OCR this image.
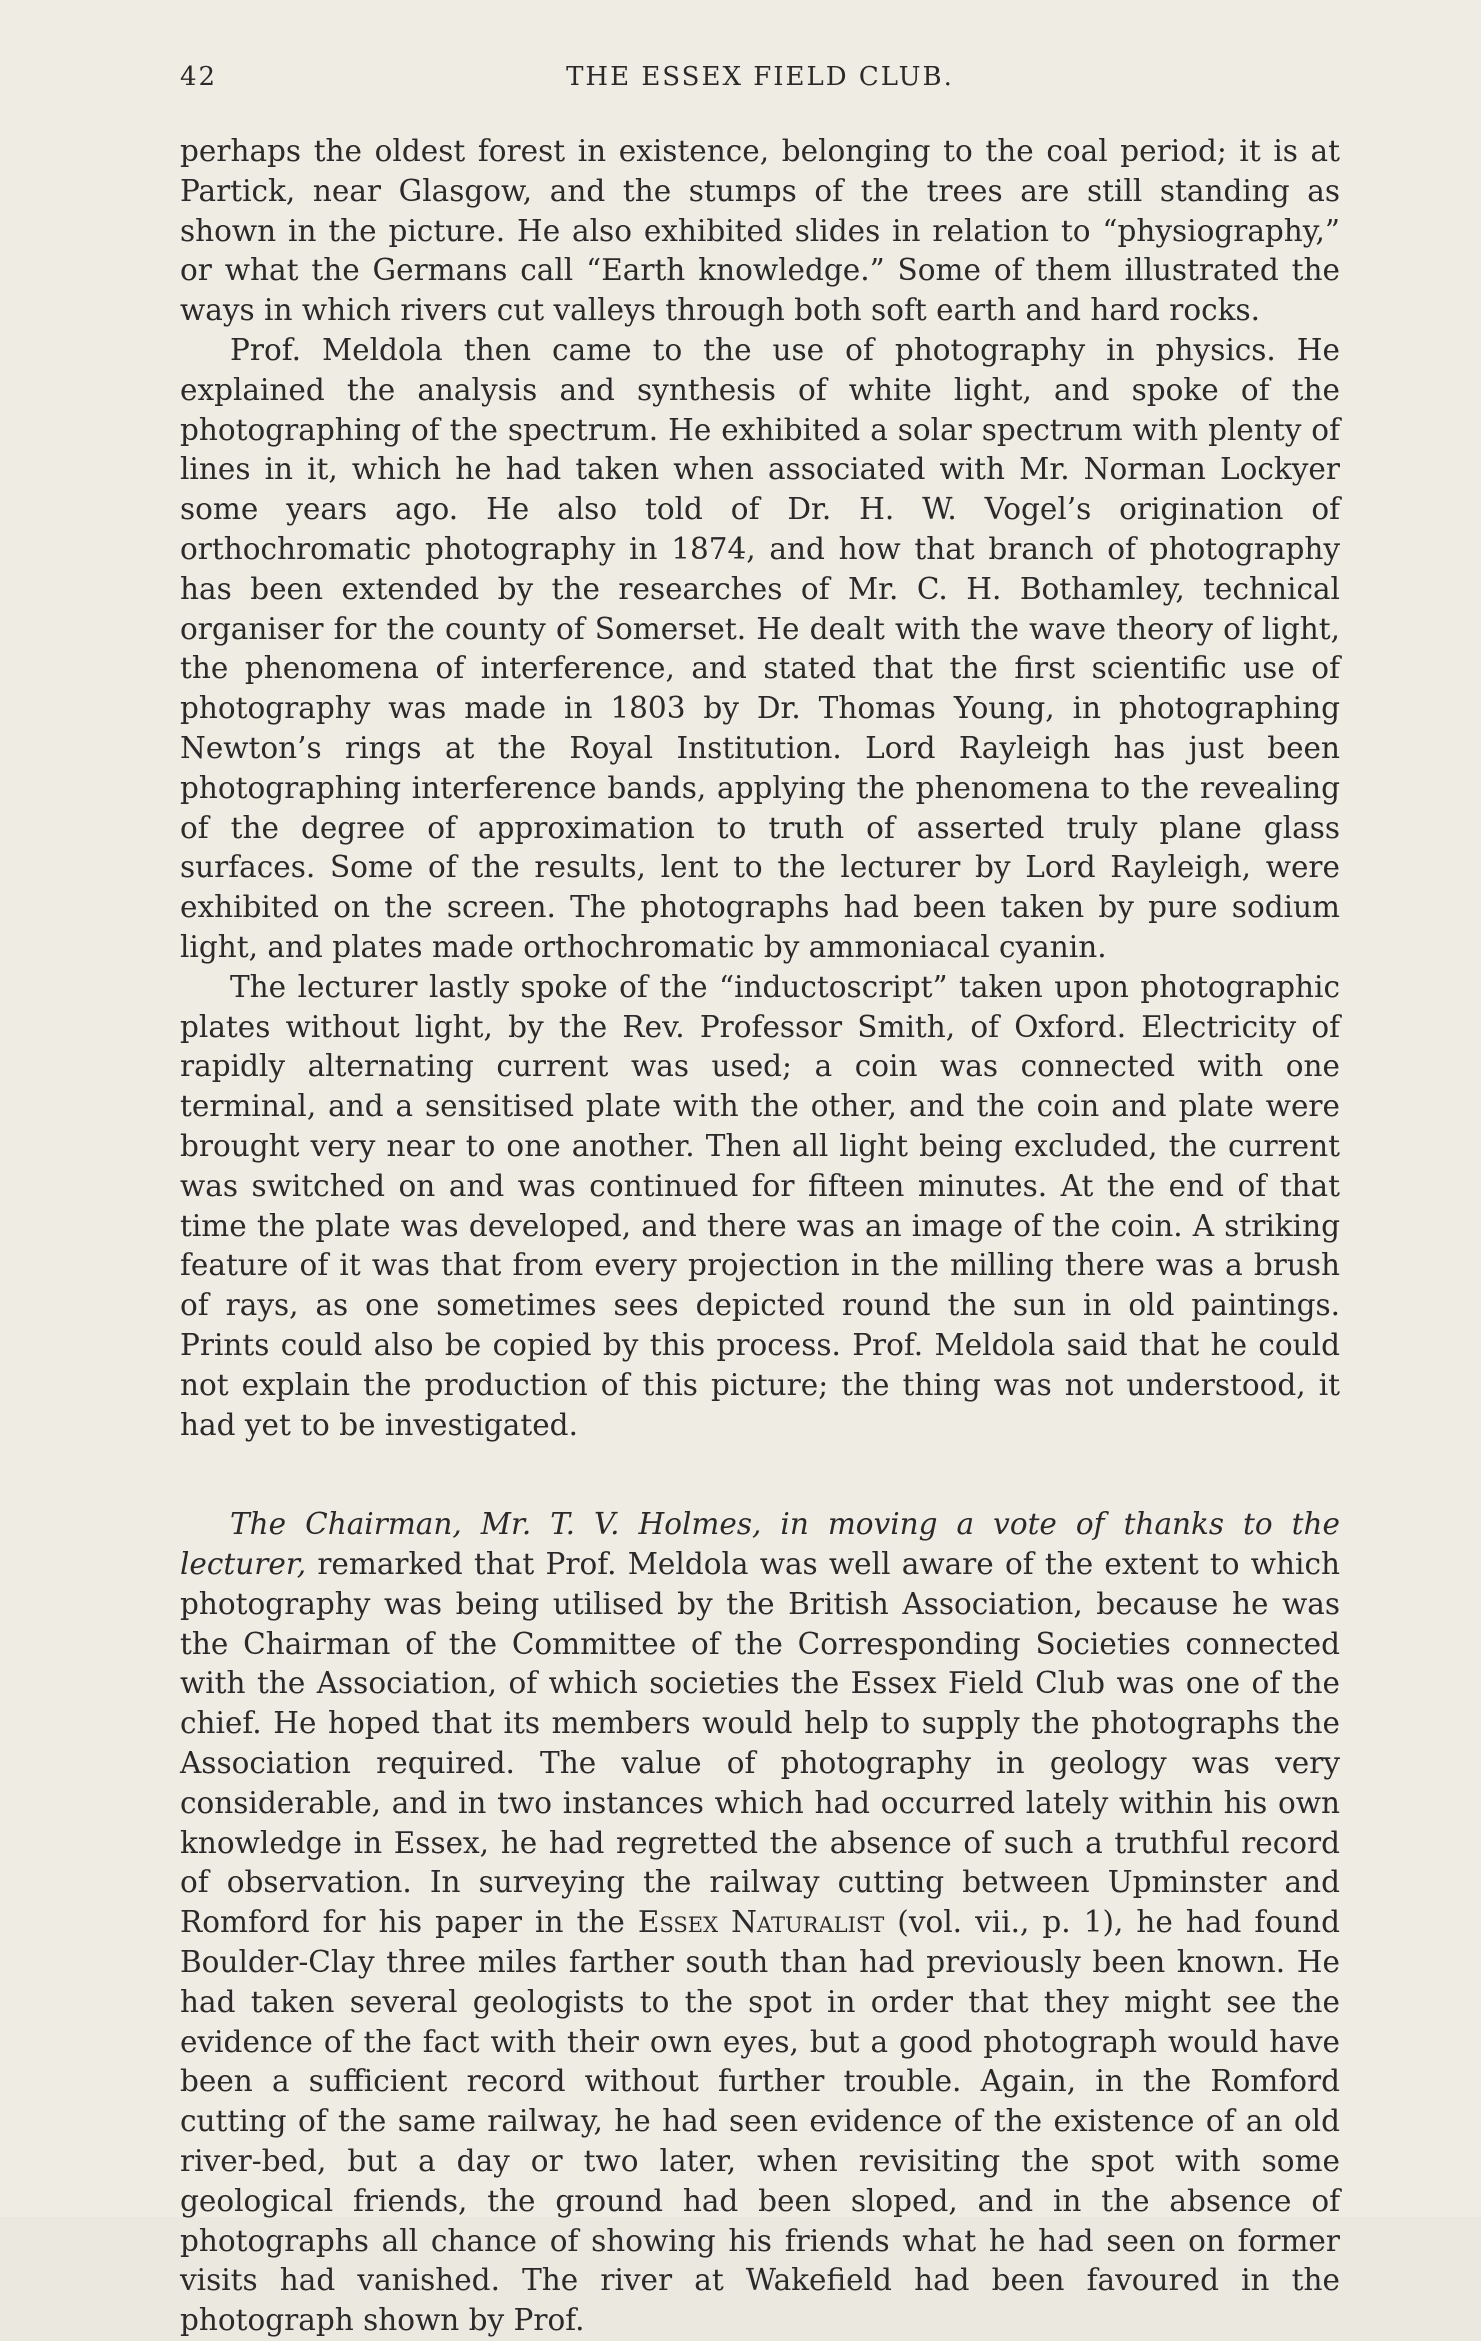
42	THE ESSEX FIELD CLUB.

perhaps the oldest forest in existence, belonging to the coal period; it is at Partick, near Glasgow, and the stumps of the trees are still standing as shown in the picture. He also exhibited slides in relation to “physiography,” or what the Germans call “Earth knowledge.” Some of them illustrated the ways in which rivers cut valleys through both soft earth and hard rocks.

Prof. Meldola then came to the use of photography in physics. He explained the analysis and synthesis of white light, and spoke of the photographing of the spectrum. He exhibited a solar spectrum with plenty of lines in it, which he had taken when associated with Mr. Norman Lockyer some years ago. He also told of Dr. H. W. Vogel’s origination of orthochromatic photography in 1874, and how that branch of photography has been extended by the researches of Mr. C. H. Bothamley, technical organiser for the county of Somerset. He dealt with the wave theory of light, the phenomena of interference, and stated that the first scientific use of photography was made in 1803 by Dr. Thomas Young, in photographing Newton’s rings at the Royal Institution. Lord Rayleigh has just been photographing interference bands, applying the phenomena to the revealing of the degree of approximation to truth of asserted truly plane glass surfaces. Some of the results, lent to the lecturer by Lord Rayleigh, were exhibited on the screen. The photographs had been taken by pure sodium light, and plates made orthochromatic by ammoniacal cyanin.

The lecturer lastly spoke of the “inductoscript” taken upon photographic plates without light, by the Rev. Professor Smith, of Oxford. Electricity of rapidly alternating current was used; a coin was connected with one terminal, and a sensitised plate with the other, and the coin and plate were brought very near to one another. Then all light being excluded, the current was switched on and was continued for fifteen minutes. At the end of that time the plate was developed, and there was an image of the coin. A striking feature of it was that from every projection in the milling there was a brush of rays, as one sometimes sees depicted round the sun in old paintings. Prints could also be copied by this process. Prof. Meldola said that he could not explain the production of this picture; the thing was not understood, it had yet to be investigated.

The Chairman, Mr. T. V. Holmes, in moving a vote of thanks to the lecturer, remarked that Prof. Meldola was well aware of the extent to which photography was being utilised by the British Association, because he was the Chairman of the Committee of the Corresponding Societies connected with the Association, of which societies the Essex Field Club was one of the chief. He hoped that its members would help to supply the photographs the Association required. The value of photography in geology was very considerable, and in two instances which had occurred lately within his own knowledge in Essex, he had regretted the absence of such a truthful record of observation. In surveying the railway cutting between Upminster and Romford for his paper in the Essex Naturalist (vol. vii., p. 1), he had found Boulder-Clay three miles farther south than had previously been known. He had taken several geologists to the spot in order that they might see the evidence of the fact with their own eyes, but a good photograph would have been a sufficient record without further trouble. Again, in the Romford cutting of the same railway, he had seen evidence of the existence of an old river-bed, but a day or two later, when revisiting the spot with some geological friends, the ground had been sloped, and in the absence of photographs all chance of showing his friends what he had seen on former visits had vanished. The river at Wakefield had been favoured in the photograph shown by Prof.
